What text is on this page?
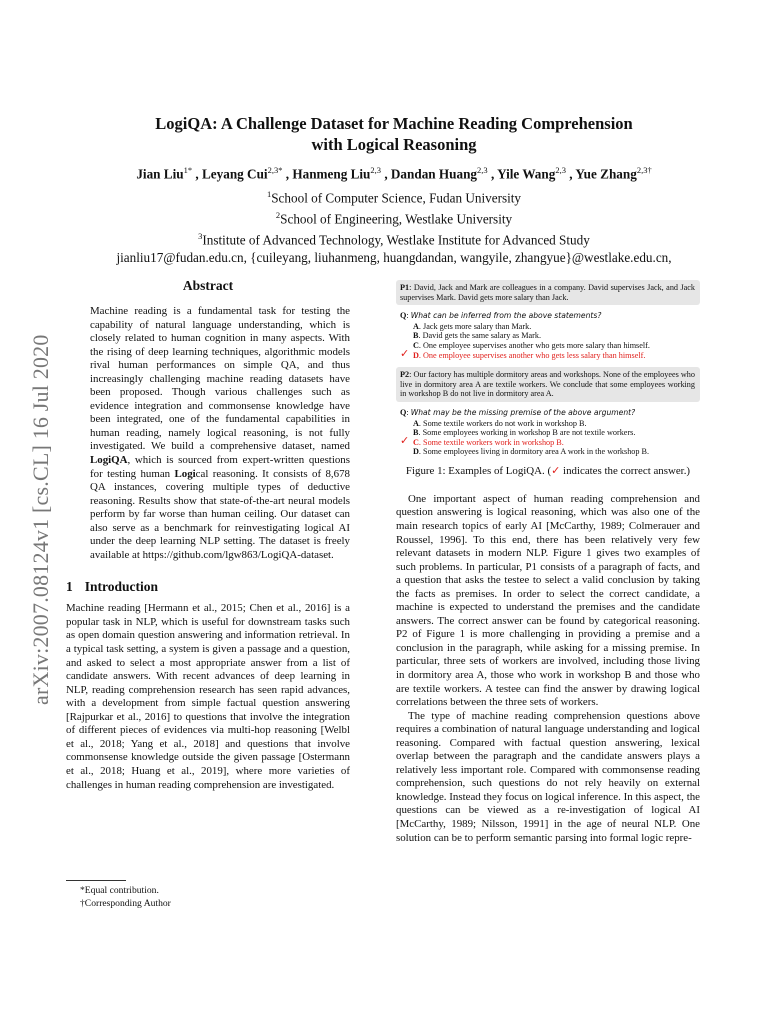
arXiv:2007.08124v1 [cs.CL] 16 Jul 2020
LogiQA: A Challenge Dataset for Machine Reading Comprehension
with Logical Reasoning
Jian Liu$^{1*}$ , Leyang Cui$^{2,3*}$ , Hanmeng Liu$^{2,3}$ , Dandan Huang$^{2,3}$ , Yile Wang$^{2,3}$ , Yue Zhang$^{2,3\dagger}$
$^1$School of Computer Science, Fudan University
$^2$School of Engineering, Westlake University
$^3$Institute of Advanced Technology, Westlake Institute for Advanced Study
jianliu17@fudan.edu.cn, {cuileyang, liuhanmeng, huangdandan, wangyile, zhangyue}@westlake.edu.cn,
Abstract
Machine reading is a fundamental task for testing the capability of natural language understanding, which is closely related to human cognition in many aspects. With the rising of deep learning techniques, algorithmic models rival human performances on simple QA, and thus increasingly challenging machine reading datasets have been proposed. Though various challenges such as evidence integration and commonsense knowledge have been integrated, one of the fundamental capabilities in human reading, namely logical reasoning, is not fully investigated. We build a comprehensive dataset, named LogiQA, which is sourced from expert-written questions for testing human Logical reasoning. It consists of 8,678 QA instances, covering multiple types of deductive reasoning. Results show that state-of-the-art neural models perform by far worse than human ceiling. Our dataset can also serve as a benchmark for reinvestigating logical AI under the deep learning NLP setting. The dataset is freely available at https://github.com/lgw863/LogiQA-dataset.
1 Introduction

Machine reading [Hermann et al., 2015; Chen et al., 2016] is a popular task in NLP, which is useful for downstream tasks such as open domain question answering and information retrieval. In a typical task setting, a system is given a passage and a question, and asked to select a most appropriate answer from a list of candidate answers. With recent advances of deep learning in NLP, reading comprehension research has seen rapid advances, with a development from simple factual question answering [Rajpurkar et al., 2016] to questions that involve the integration of different pieces of evidences via multi-hop reasoning [Welbl et al., 2018; Yang et al., 2018] and questions that involve commonsense knowledge outside the given passage [Ostermann et al., 2018; Huang et al., 2019], where more varieties of challenges in human reading comprehension are investigated.

*Equal contribution.
†Corresponding Author
P1: David, Jack and Mark are colleagues in a company. David supervises Jack, and Jack supervises Mark. David gets more salary than Jack.
Q: What can be inferred from the above statements?
A. Jack gets more salary than Mark.
B. David gets the same salary as Mark.
C. One employee supervises another who gets more salary than himself.
✓ D. One employee supervises another who gets less salary than himself.
P2: Our factory has multiple dormitory areas and workshops. None of the employees who live in dormitory area A are textile workers. We conclude that some employees working in workshop B do not live in dormitory area A.
Q: What may be the missing premise of the above argument?
A. Some textile workers do not work in workshop B.
B. Some employees working in workshop B are not textile workers.
✓ C. Some textile workers work in workshop B.
D. Some employees living in dormitory area A work in the workshop B.
Figure 1: Examples of LogiQA. (✓ indicates the correct answer.)

One important aspect of human reading comprehension and question answering is logical reasoning, which was also one of the main research topics of early AI [McCarthy, 1989; Colmerauer and Roussel, 1996]. To this end, there has been relatively very few relevant datasets in modern NLP. Figure 1 gives two examples of such problems. In particular, P1 consists of a paragraph of facts, and a question that asks the testee to select a valid conclusion by taking the facts as premises. In order to select the correct candidate, a machine is expected to understand the premises and the candidate answers. The correct answer can be found by categorical reasoning. P2 of Figure 1 is more challenging in providing a premise and a conclusion in the paragraph, while asking for a missing premise. In particular, three sets of workers are involved, including those living in dormitory area A, those who work in workshop B and those who are textile workers. A testee can find the answer by drawing logical correlations between the three sets of workers.

The type of machine reading comprehension questions above requires a combination of natural language understanding and logical reasoning. Compared with factual question answering, lexical overlap between the paragraph and the candidate answers plays a relatively less important role. Compared with commonsense reading comprehension, such questions do not rely heavily on external knowledge. Instead they focus on logical inference. In this aspect, the questions can be viewed as a re-investigation of logical AI [McCarthy, 1989; Nilsson, 1991] in the age of neural NLP. One solution can be to perform semantic parsing into formal logic repre-
